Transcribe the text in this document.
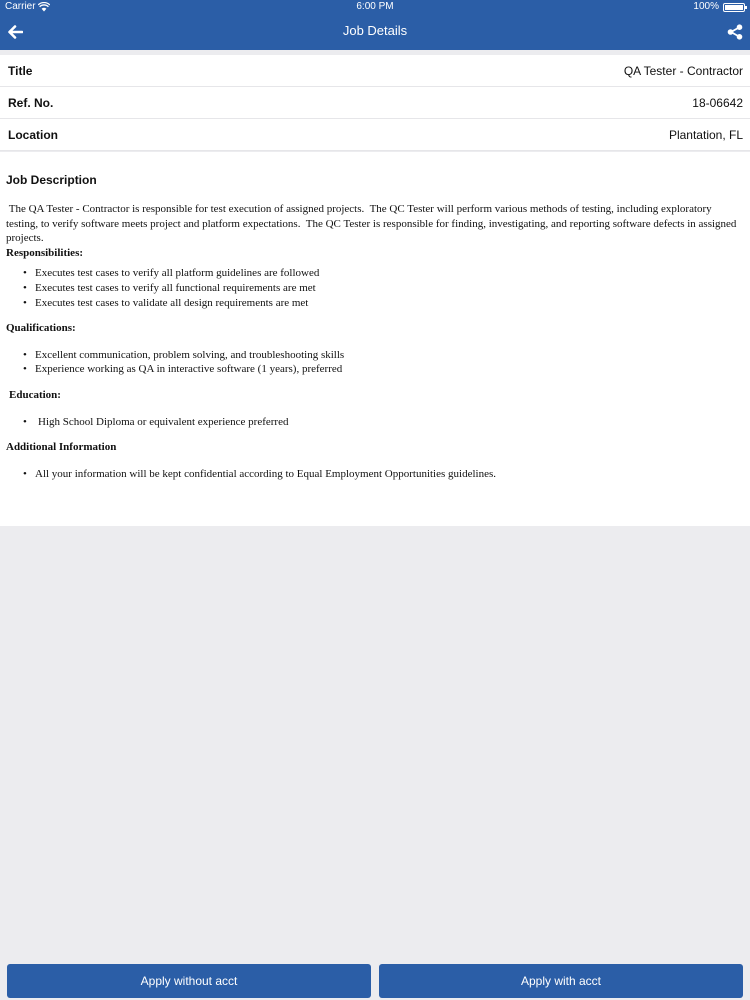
Carrier	6:00 PM	100%
Job Details
Title	QA Tester - Contractor
Ref. No.	18-06642
Location	Plantation, FL
Job Description

The QA Tester - Contractor is responsible for test execution of assigned projects.  The QC Tester will perform various methods of testing, including exploratory testing, to verify software meets project and platform expectations.  The QC Tester is responsible for finding, investigating, and reporting software defects in assigned projects.

Responsibilities:

• Executes test cases to verify all platform guidelines are followed
• Executes test cases to verify all functional requirements are met
• Executes test cases to validate all design requirements are met

Qualifications:

• Excellent communication, problem solving, and troubleshooting skills
• Experience working as QA in interactive software (1 years), preferred

Education:

• High School Diploma or equivalent experience preferred

Additional Information

• All your information will be kept confidential according to Equal Employment Opportunities guidelines.
Apply without acct	Apply with acct
